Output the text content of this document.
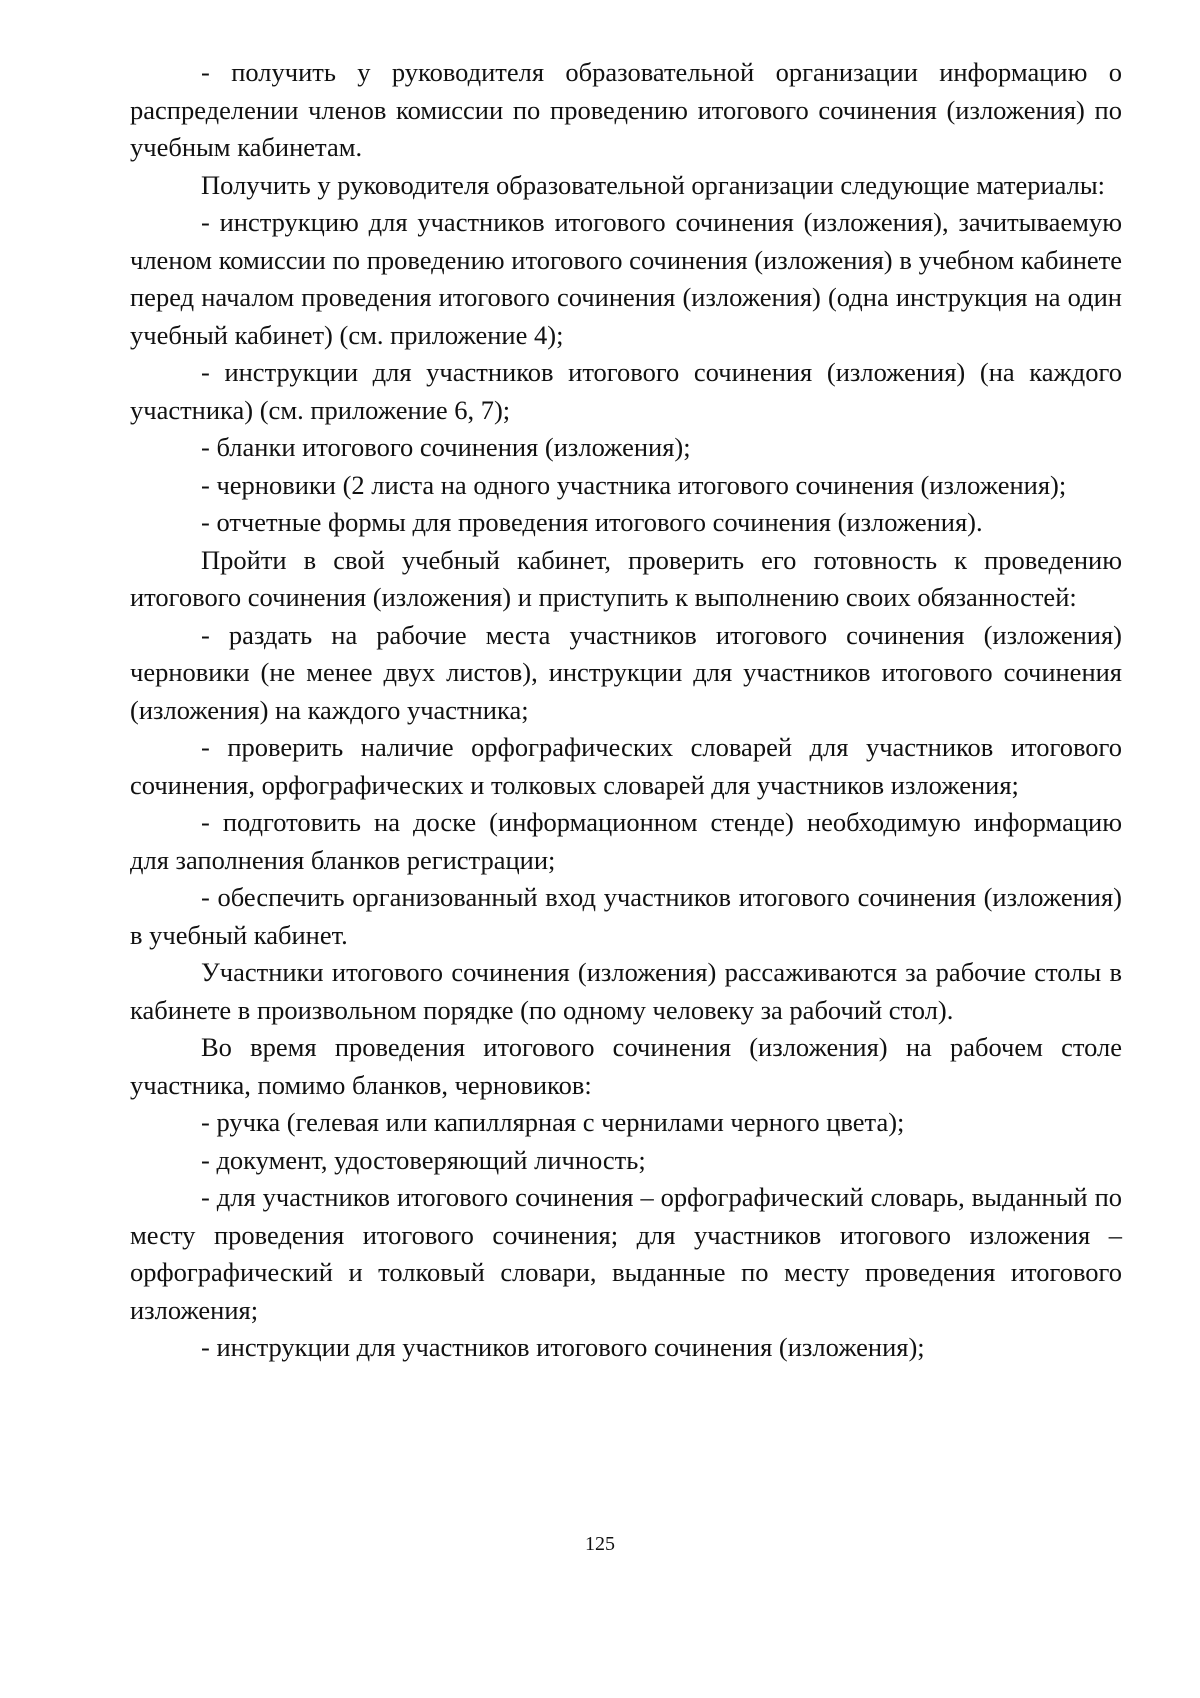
- получить у руководителя образовательной организации информацию о распределении членов комиссии по проведению итогового сочинения (изложения) по учебным кабинетам.

Получить у руководителя образовательной организации следующие материалы:

- инструкцию для участников итогового сочинения (изложения), зачитываемую членом комиссии по проведению итогового сочинения (изложения) в учебном кабинете перед началом проведения итогового сочинения (изложения) (одна инструкция на один учебный кабинет) (см. приложение 4);

- инструкции для участников итогового сочинения (изложения) (на каждого участника) (см. приложение 6, 7);

- бланки итогового сочинения (изложения);

- черновики (2 листа на одного участника итогового сочинения (изложения);

- отчетные формы для проведения итогового сочинения (изложения).

Пройти в свой учебный кабинет, проверить его готовность к проведению итогового сочинения (изложения) и приступить к выполнению своих обязанностей:

- раздать на рабочие места участников итогового сочинения (изложения) черновики (не менее двух листов), инструкции для участников итогового сочинения (изложения) на каждого участника;

- проверить наличие орфографических словарей для участников итогового сочинения, орфографических и толковых словарей для участников изложения;

- подготовить на доске (информационном стенде) необходимую информацию для заполнения бланков регистрации;

- обеспечить организованный вход участников итогового сочинения (изложения) в учебный кабинет.

Участники итогового сочинения (изложения) рассаживаются за рабочие столы в кабинете в произвольном порядке (по одному человеку за рабочий стол).

Во время проведения итогового сочинения (изложения) на рабочем столе участника, помимо бланков, черновиков:

- ручка (гелевая или капиллярная с чернилами черного цвета);

- документ, удостоверяющий личность;

- для участников итогового сочинения – орфографический словарь, выданный по месту проведения итогового сочинения; для участников итогового изложения – орфографический и толковый словари, выданные по месту проведения итогового изложения;

- инструкции для участников итогового сочинения (изложения);

125
